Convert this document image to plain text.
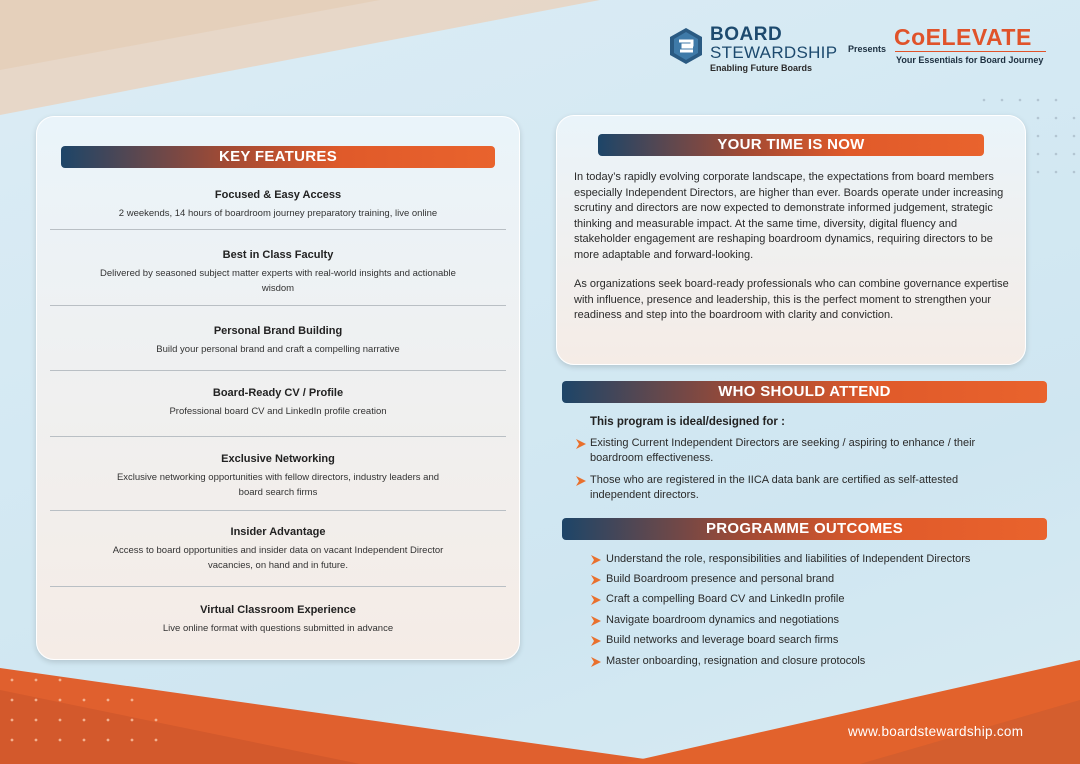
BOARD
STEWARDSHIP
Enabling Future Boards
Presents CoELEVATE
Your Essentials for Board Journey
KEY FEATURES
Focused & Easy Access
2 weekends, 14 hours of boardroom journey preparatory training, live online
Best in Class Faculty
Delivered by seasoned subject matter experts with real-world insights and actionable wisdom
Personal Brand Building
Build your personal brand and craft a compelling narrative
Board-Ready CV / Profile
Professional board CV and LinkedIn profile creation
Exclusive Networking
Exclusive networking opportunities with fellow directors, industry leaders and board search firms
Insider Advantage
Access to board opportunities and insider data on vacant Independent Director vacancies, on hand and in future.
Virtual Classroom Experience
Live online format with questions submitted in advance
YOUR TIME IS NOW
In today’s rapidly evolving corporate landscape, the expectations from board members especially Independent Directors, are higher than ever. Boards operate under increasing scrutiny and directors are now expected to demonstrate informed judgement, strategic thinking and measurable impact. At the same time, diversity, digital fluency and stakeholder engagement are reshaping boardroom dynamics, requiring directors to be more adaptable and forward-looking.
As organizations seek board-ready professionals who can combine governance expertise with influence, presence and leadership, this is the perfect moment to strengthen your readiness and step into the boardroom with clarity and conviction.
WHO SHOULD ATTEND
This program is ideal/designed for :
Existing Current Independent Directors are seeking / aspiring to enhance / their boardroom effectiveness.
Those who are registered in the IICA data bank are certified as self-attested independent directors.
PROGRAMME OUTCOMES
Understand the role, responsibilities and liabilities of Independent Directors
Build Boardroom presence and personal brand
Craft a compelling Board CV and LinkedIn profile
Navigate boardroom dynamics and negotiations
Build networks and leverage board search firms
Master onboarding, resignation and closure protocols
www.boardstewardship.com
